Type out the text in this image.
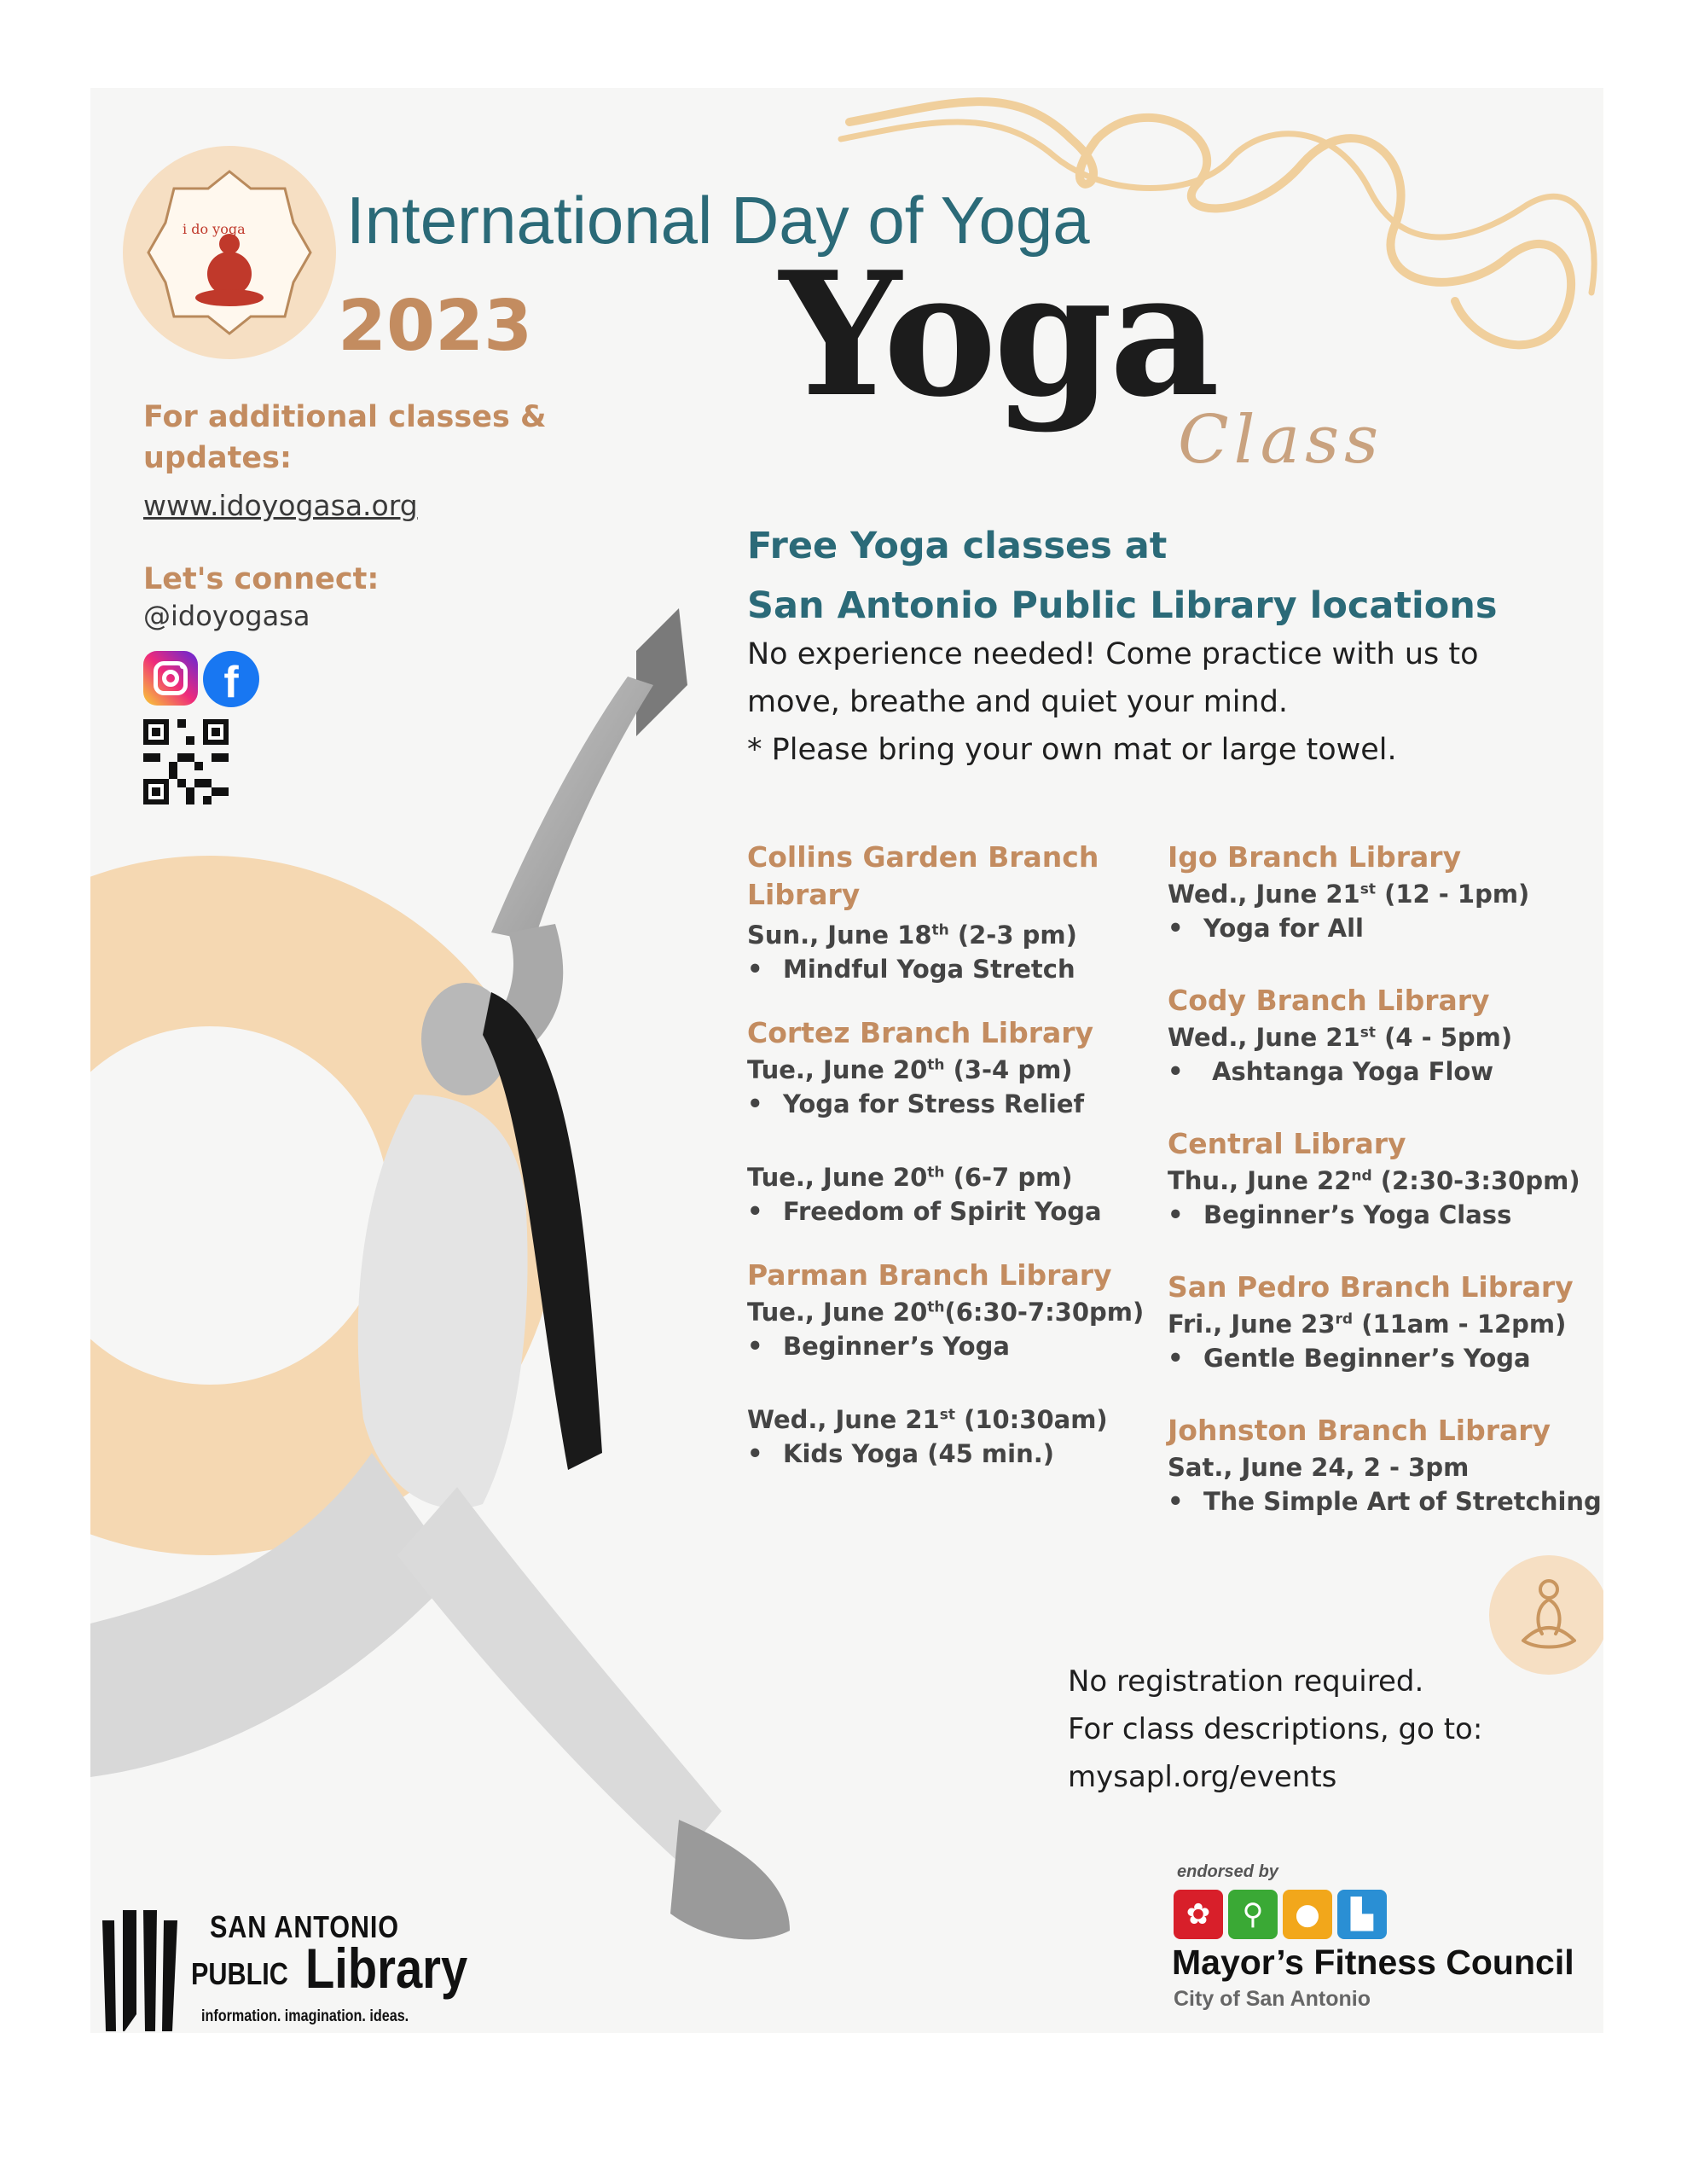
i do yoga International Day of Yoga
2023 Yoga
Class
For additional classes & updates:
www.idoyogasa.org
Let's connect:
@idoyogasa
f
Free Yoga classes at
San Antonio Public Library locations
No experience needed! Come practice with us to
move, breathe and quiet your mind.
* Please bring your own mat or large towel.
Collins Garden Branch
Library
Sun., June 18th (2-3 pm)
• Mindful Yoga Stretch
Cortez Branch Library
Tue., June 20th (3-4 pm)
• Yoga for Stress Relief
Tue., June 20th (6-7 pm)
• Freedom of Spirit Yoga
Parman Branch Library
Tue., June 20th(6:30-7:30pm)
• Beginner’s Yoga
Wed., June 21st (10:30am)
• Kids Yoga (45 min.)
Igo Branch Library
Wed., June 21st (12 - 1pm)
• Yoga for All
Cody Branch Library
Wed., June 21st (4 - 5pm)
• Ashtanga Yoga Flow
Central Library
Thu., June 22nd (2:30-3:30pm)
• Beginner’s Yoga Class
San Pedro Branch Library
Fri., June 23rd (11am - 12pm)
• Gentle Beginner’s Yoga
Johnston Branch Library
Sat., June 24, 2 - 3pm
• The Simple Art of Stretching
No registration required.
For class descriptions, go to:
mysapl.org/events
SAN ANTONIO
PUBLIC Library
information. imagination. ideas.
endorsed by
✿	⚲	●	▙
Mayor’s Fitness Council
City of San Antonio
